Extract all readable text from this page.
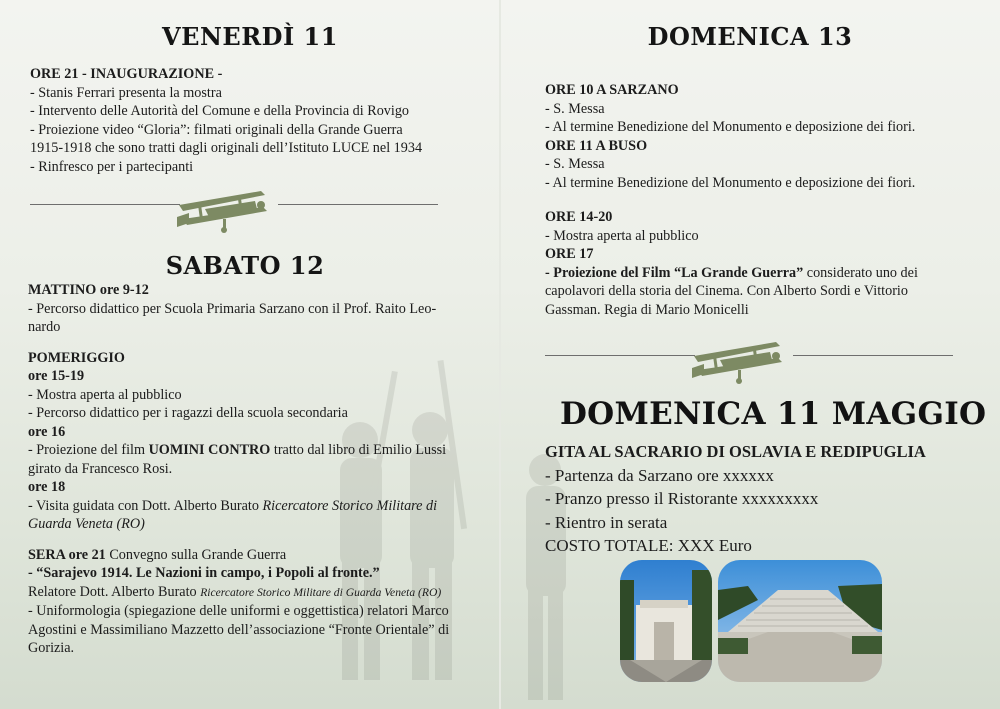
VENERDÌ 11

ORE 21 - INAUGURAZIONE -

- Stanis Ferrari presenta la mostra

- Intervento delle Autorità del Comune e della Provincia di Rovigo

- Proiezione video “Gloria”: filmati originali della Grande Guerra

1915-1918 che sono tratti dagli originali dell’Istituto LUCE nel 1934

- Rinfresco per i partecipanti

SABATO 12

MATTINO ore 9-12

- Percorso didattico per Scuola Primaria Sarzano con il Prof. Raito Leo-

nardo

POMERIGGIO

ore 15-19

- Mostra aperta al pubblico

- Percorso didattico per i ragazzi della scuola secondaria

ore 16

- Proiezione del film UOMINI CONTRO tratto dal libro di Emilio Lussi

girato da Francesco Rosi.

ore 18

- Visita guidata con Dott. Alberto Burato Ricercatore Storico Militare di

Guarda Veneta (RO)

SERA ore 21 Convegno sulla Grande Guerra

- “Sarajevo 1914. Le Nazioni in campo, i Popoli al fronte.”

Relatore Dott. Alberto Burato Ricercatore Storico Militare di Guarda Veneta (RO)

- Uniformologia (spiegazione delle uniformi e oggettistica) relatori Marco

Agostini e Massimiliano Mazzetto dell’associazione “Fronte Orientale” di

Gorizia.

DOMENICA 13

ORE 10 A SARZANO

- S. Messa

- Al termine Benedizione del Monumento e deposizione dei fiori.

ORE 11 A BUSO

- S. Messa

- Al termine Benedizione del Monumento e deposizione dei fiori.

ORE 14-20

- Mostra aperta al pubblico

ORE 17

- Proiezione del Film “La Grande Guerra” considerato uno dei

capolavori della storia del Cinema. Con Alberto Sordi e Vittorio

Gassman. Regia di Mario Monicelli

DOMENICA 11 MAGGIO

GITA AL SACRARIO DI OSLAVIA E REDIPUGLIA

- Partenza da Sarzano ore xxxxxx

- Pranzo presso il Ristorante xxxxxxxxx

- Rientro in serata

COSTO TOTALE: XXX Euro
